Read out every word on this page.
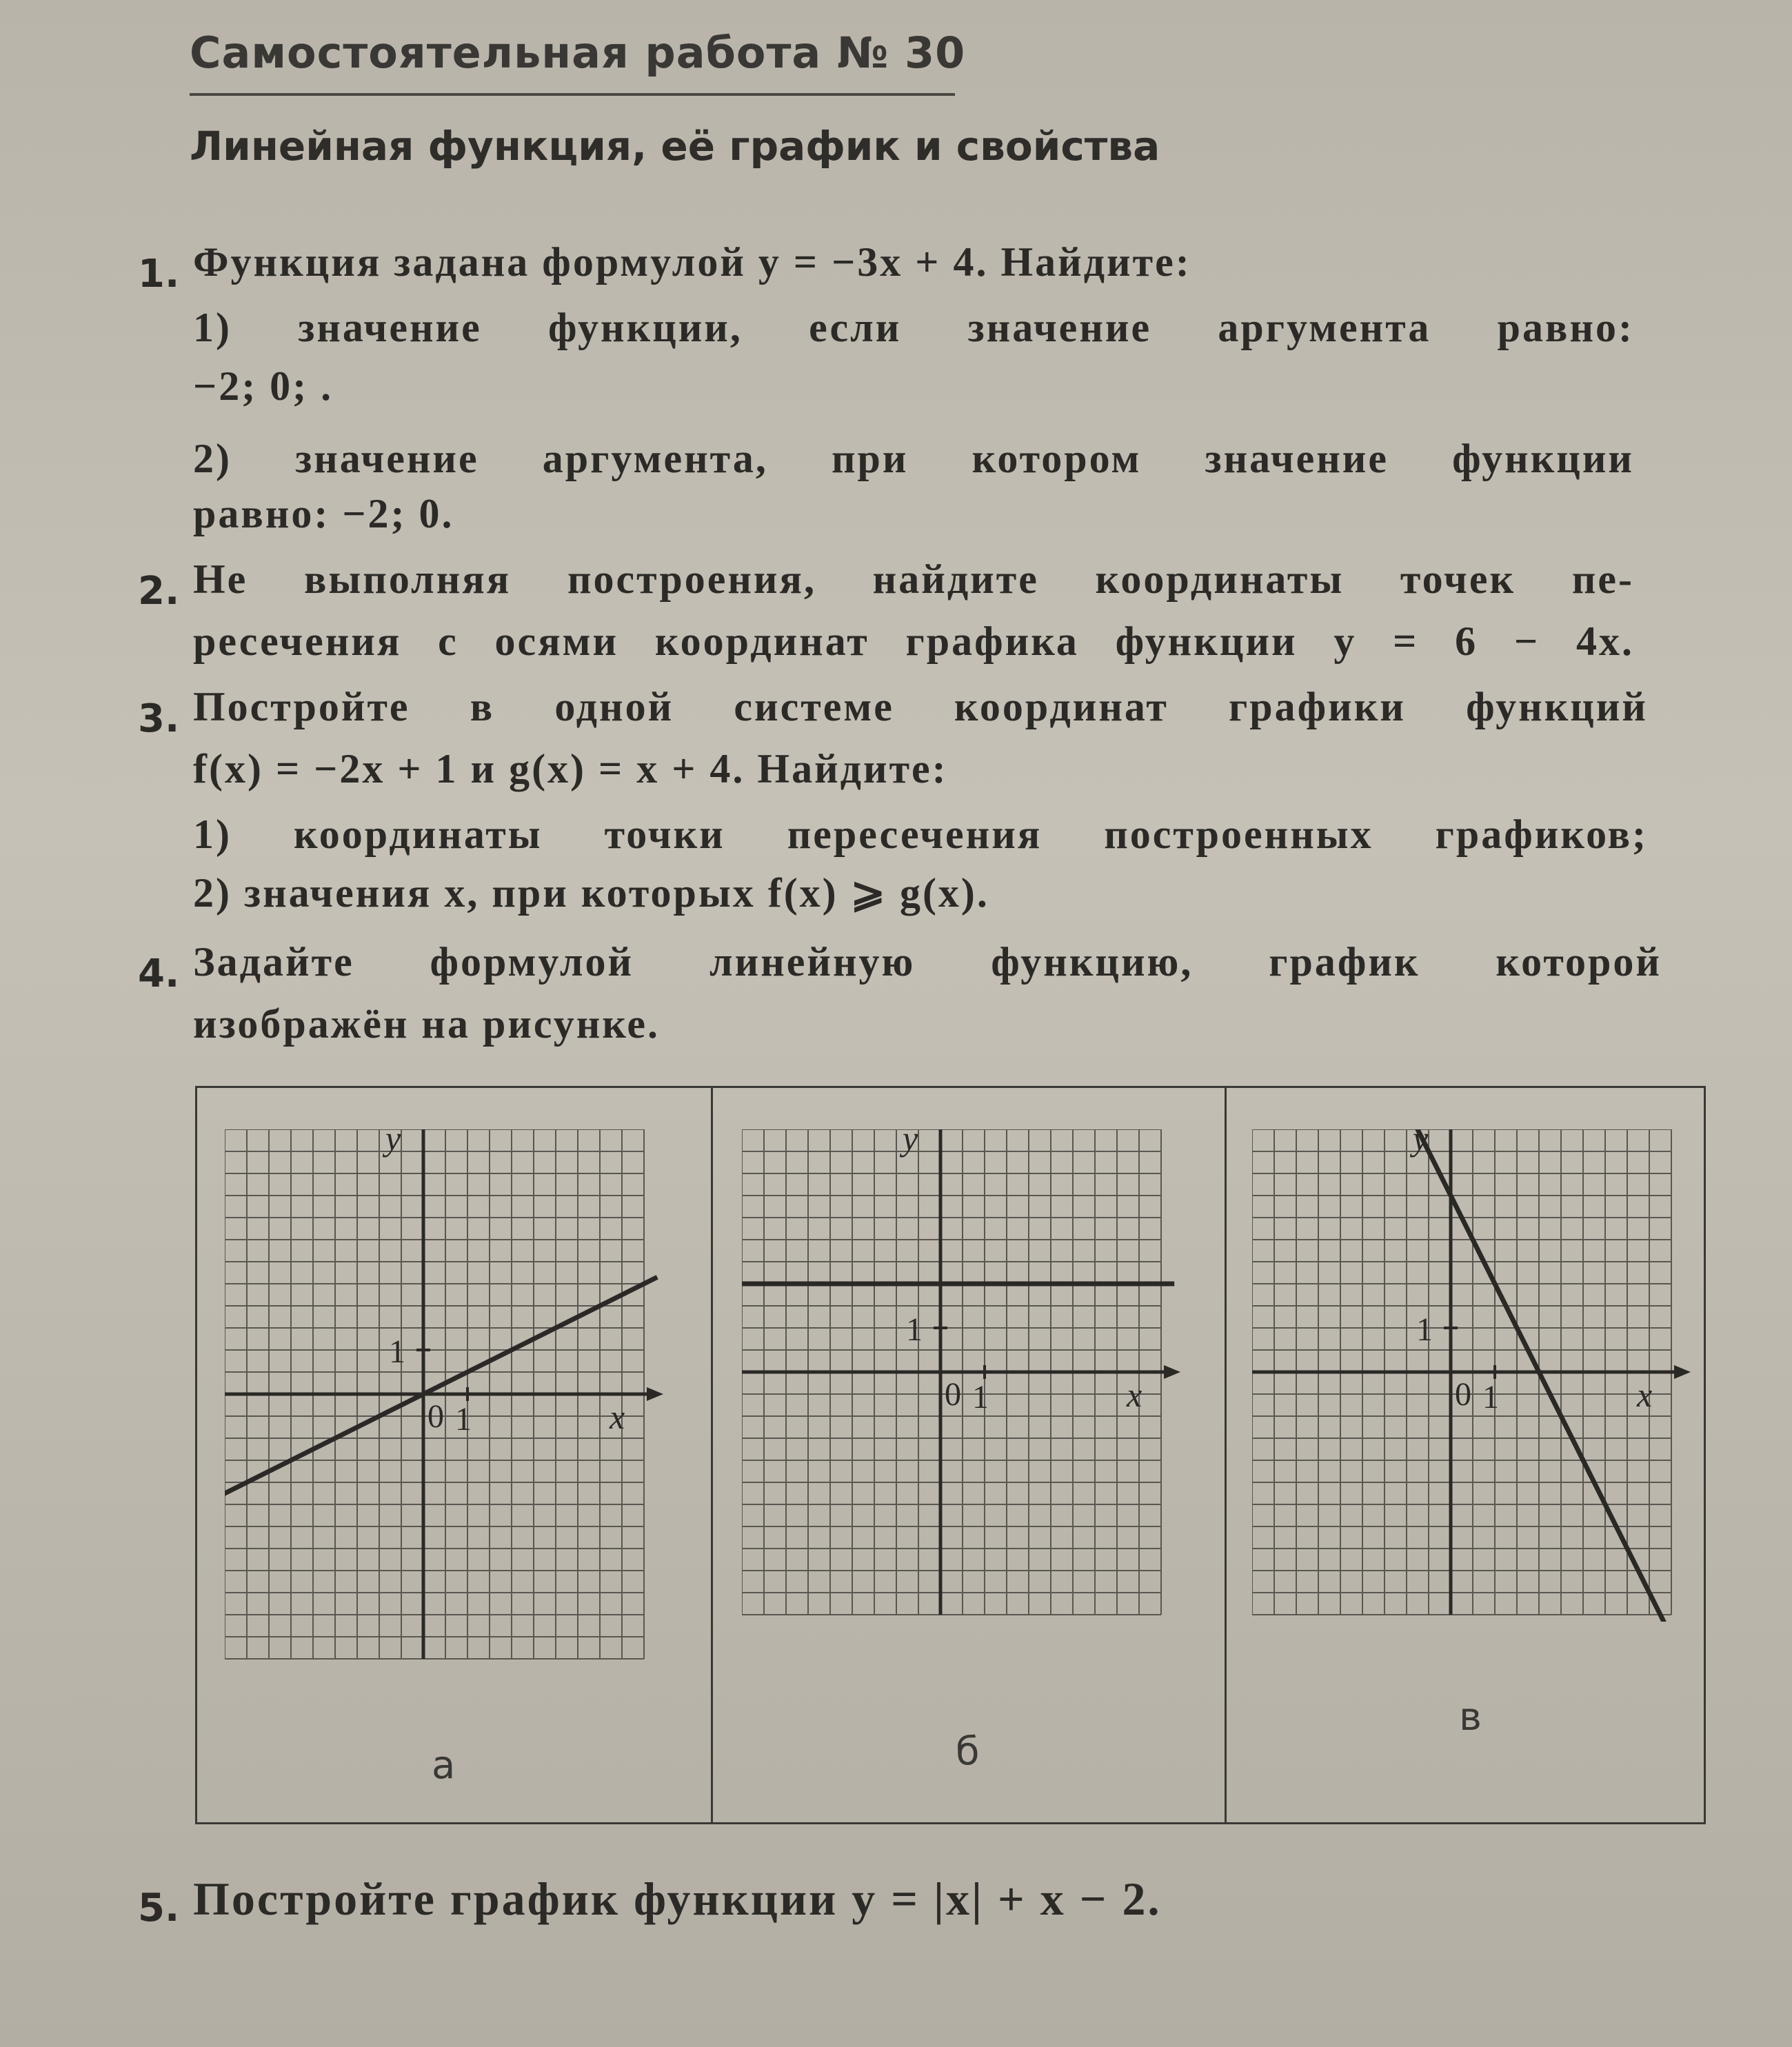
Самостоятельная работа № 30
Линейная функция, её график и свойства
1. Функция задана формулой y = −3x + 4. Найдите:
1) значение функции, если значение аргумента равно:
−2; 0; .
2) значение аргумента, при котором значение функции
равно: −2; 0.
2. Не выполняя построения, найдите координаты точек пе-
ресечения с осями координат графика функции y = 6 − 4x.
3. Постройте в одной системе координат графики функций
f(x) = −2x + 1 и g(x) = x + 4. Найдите:
1) координаты точки пересечения построенных графиков;
2) значения x, при которых f(x) ⩾ g(x).
4. Задайте формулой линейную функцию, график которой
изображён на рисунке.
x
y
0 1
1
x
y
0 1
1
x
y
0 1
1
а	б
в
5. Постройте график функции y = |x| + x − 2.
